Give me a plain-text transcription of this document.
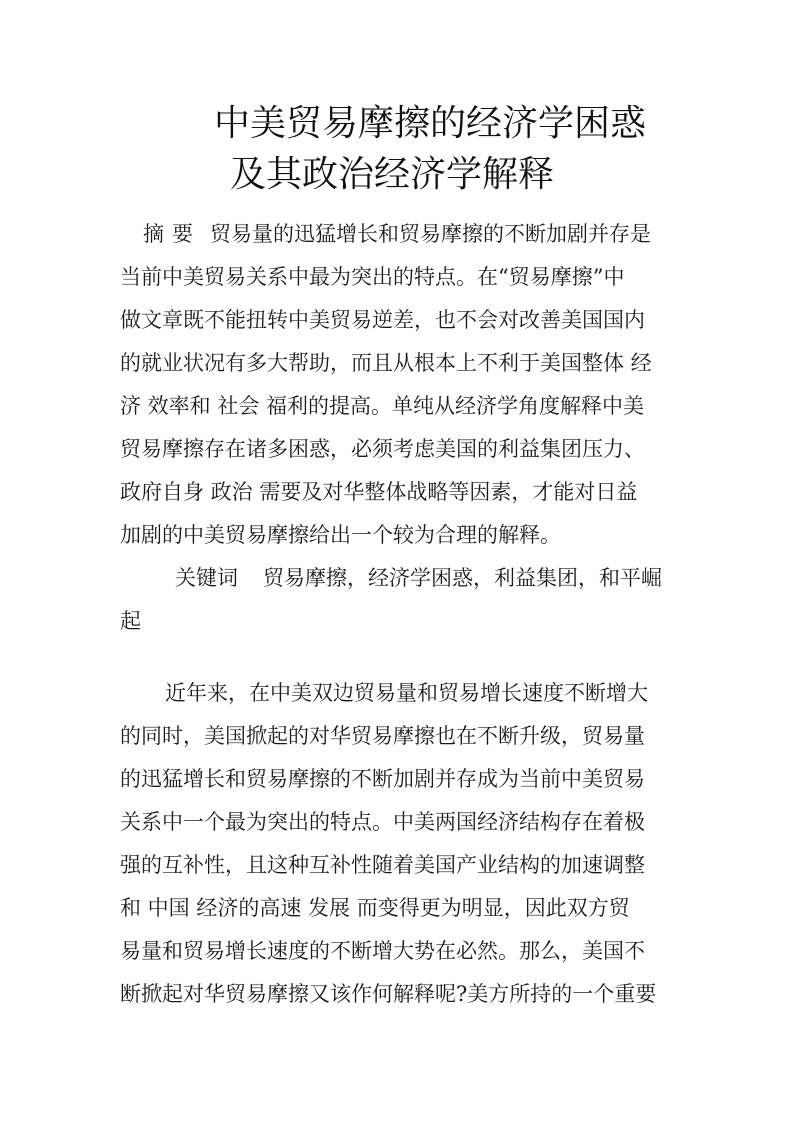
中美贸易摩擦的经济学困惑
及其政治经济学解释
摘要 贸易量的迅猛增长和贸易摩擦的不断加剧并存是
当前中美贸易关系中最为突出的特点。在“贸易摩擦”中
做文章既不能扭转中美贸易逆差，也不会对改善美国国内
的就业状况有多大帮助，而且从根本上不利于美国整体 经
济 效率和 社会 福利的提高。单纯从经济学角度解释中美
贸易摩擦存在诸多困惑，必须考虑美国的利益集团压力、
政府自身 政治 需要及对华整体战略等因素，才能对日益
加剧的中美贸易摩擦给出一个较为合理的解释。
关键词 贸易摩擦，经济学困惑，利益集团，和平崛
起
近年来，在中美双边贸易量和贸易增长速度不断增大
的同时，美国掀起的对华贸易摩擦也在不断升级，贸易量
的迅猛增长和贸易摩擦的不断加剧并存成为当前中美贸易
关系中一个最为突出的特点。中美两国经济结构存在着极
强的互补性，且这种互补性随着美国产业结构的加速调整
和 中国 经济的高速 发展 而变得更为明显，因此双方贸
易量和贸易增长速度的不断增大势在必然。那么，美国不
断掀起对华贸易摩擦又该作何解释呢?美方所持的一个重要
